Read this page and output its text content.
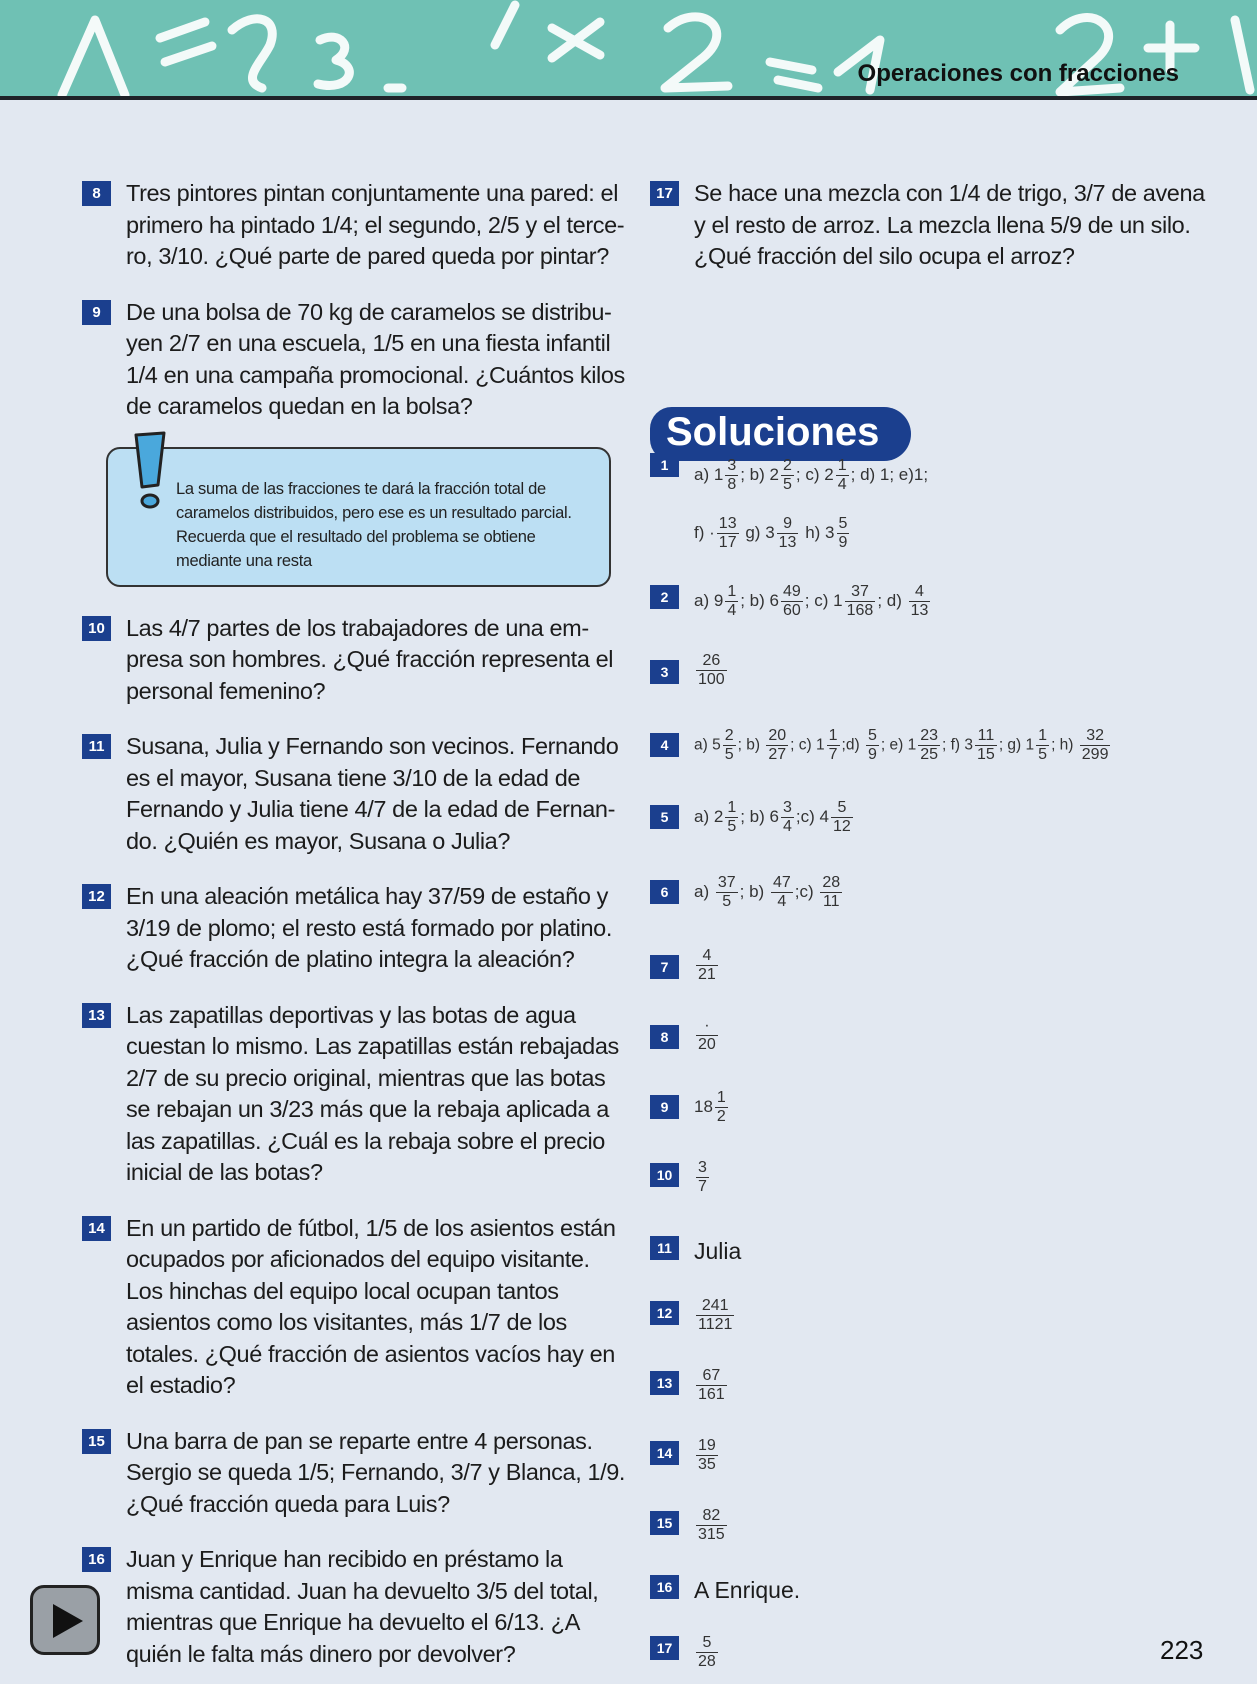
Operaciones con fracciones
8	Tres pintores pintan conjuntamente una pared: el primero ha pintado 1/4; el segundo, 2/5 y el tercero, 3/10. ¿Qué parte de pared queda por pintar?
9	De una bolsa de 70 kg de caramelos se distribuyen 2/7 en una escuela, 1/5 en una fiesta infantil 1/4 en una campaña promocional. ¿Cuántos kilos de caramelos quedan en la bolsa?
La suma de las fracciones te dará la fracción total de caramelos distribuidos, pero ese es un resultado parcial. Recuerda que el resultado del problema se obtiene mediante una resta
10 Las 4/7 partes de los trabajadores de una empresa son hombres. ¿Qué fracción representa el personal femenino?
11 Susana, Julia y Fernando son vecinos. Fernando es el mayor, Susana tiene 3/10 de la edad de Fernando y Julia tiene 4/7 de la edad de Fernando. ¿Quién es mayor, Susana o Julia?
12 En una aleación metálica hay 37/59 de estaño y 3/19 de plomo; el resto está formado por platino. ¿Qué fracción de platino integra la aleación?
13 Las zapatillas deportivas y las botas de agua cuestan lo mismo. Las zapatillas están rebajadas 2/7 de su precio original, mientras que las botas se rebajan un 3/23 más que la rebaja aplicada a las zapatillas. ¿Cuál es la rebaja sobre el precio inicial de las botas?
14 En un partido de fútbol, 1/5 de los asientos están ocupados por aficionados del equipo visitante. Los hinchas del equipo local ocupan tantos asientos como los visitantes, más 1/7 de los totales. ¿Qué fracción de asientos vacíos hay en el estadio?
15 Una barra de pan se reparte entre 4 personas. Sergio se queda 1/5; Fernando, 3/7 y Blanca, 1/9. ¿Qué fracción queda para Luis?
16 Juan y Enrique han recibido en préstamo la misma cantidad. Juan ha devuelto 3/5 del total, mientras que Enrique ha devuelto el 6/13. ¿A quién le falta más dinero por devolver?
17 Se hace una mezcla con 1/4 de trigo, 3/7 de avena y el resto de arroz. La mezcla llena 5/9 de un silo. ¿Qué fracción del silo ocupa el arroz?
Soluciones
1	a) $1 \frac{3}{8}$ ; b) $2 \frac{2}{5}$ ; c) $2 \frac{1}{4}$ ; d) 1; e)1;
$f) \cdot \frac{13}{17} g$) $3 \frac{9}{13} h$) $3 \frac{5}{9}$
2	a) $9 \frac{1}{4}$ ; b) $6 \frac{49}{60}$ ; c) $1 \frac{37}{168}$ ; $d) \frac{4}{13}$
3	$\frac{26}{100}$
4	a) $5 \frac{2}{5}$ ; $b) \frac{20}{27}$ ; c) $1 \frac{1}{7}$ ;d) $\frac{5}{9}$ ; e) $1 \frac{23}{25}$ ; f) $3 \frac{11}{15}$ ; g) $1 \frac{1}{5}$ ; $h) \frac{32}{299}$
5	a) $2 \frac{1}{5}$ ; b) $6 \frac{3}{4}$ ;c) $4 \frac{5}{12}$
6	$a) \frac{37}{5}$ ; $b) \frac{47}{4}$ ;c) $\frac{28}{11}$
7	$\frac{4}{21}$
8	$\frac{\cdot}{20}$
9	$18 \frac{1}{2}$
10	$\frac{3}{7}$
11 Julia
12	$\frac{241}{1121}$
13	$\frac{67}{161}$
14	$\frac{19}{35}$
15	$\frac{82}{315}$
16 A Enrique.
17	$\frac{5}{28}$	223
